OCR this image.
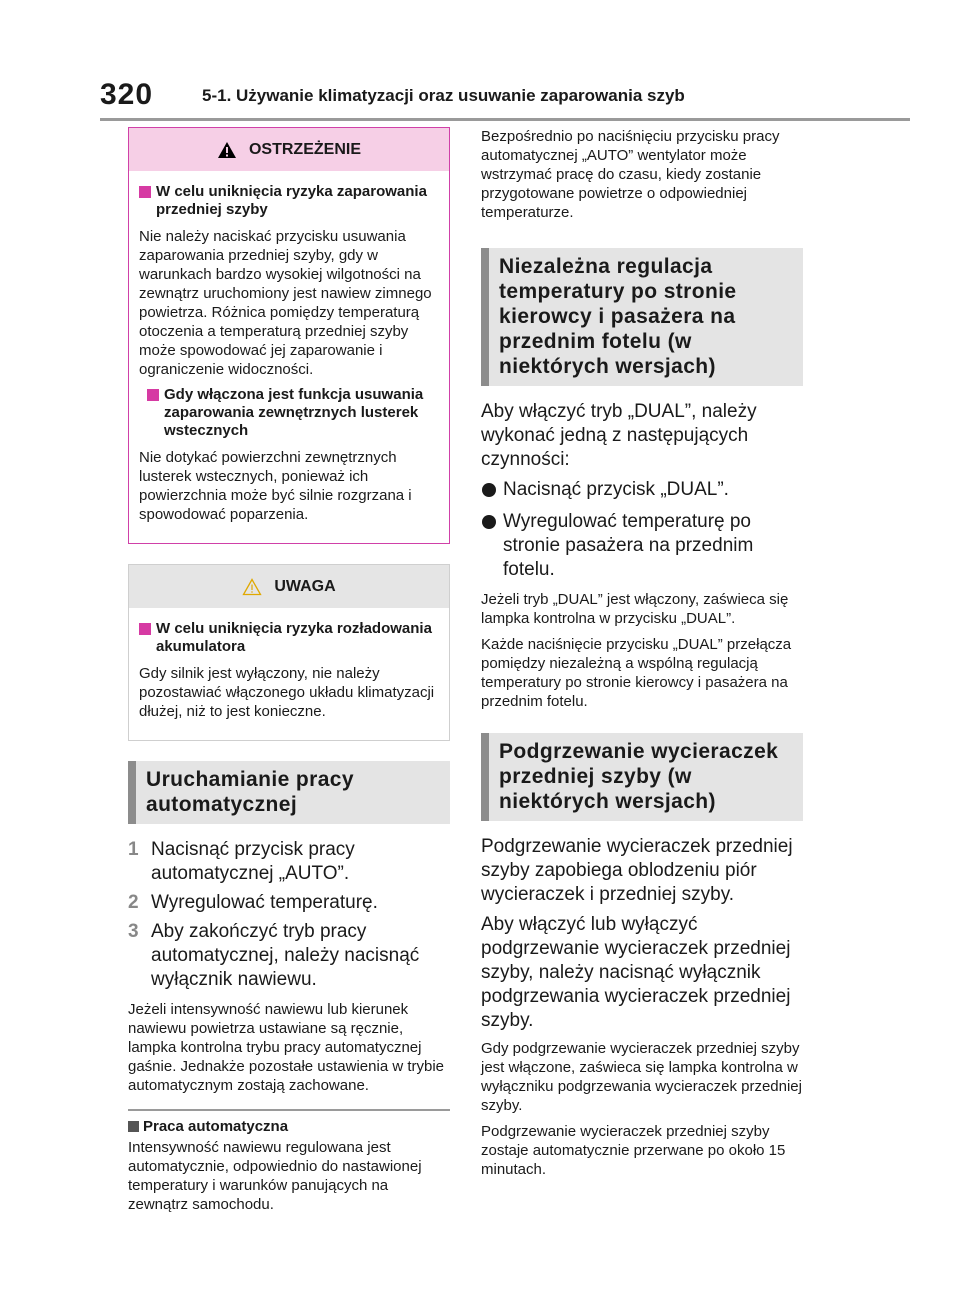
320	5-1. Używanie klimatyzacji oraz usuwanie zaparowania szyb
OSTRZEŻENIE
W celu uniknięcia ryzyka zaparowania przedniej szyby

Nie należy naciskać przycisku usuwania zaparowania przedniej szyby, gdy w warunkach bardzo wysokiej wilgotności na zewnątrz uruchomiony jest nawiew zimnego powietrza. Różnica pomiędzy temperaturą otoczenia a temperaturą przedniej szyby może spowodować jej zaparowanie i ograniczenie widoczności.

Gdy włączona jest funkcja usuwania zaparowania zewnętrznych lusterek wstecznych

Nie dotykać powierzchni zewnętrznych lusterek wstecznych, ponieważ ich powierzchnia może być silnie rozgrzana i spowodować poparzenia.

UWAGA
W celu uniknięcia ryzyka rozładowania akumulatora

Gdy silnik jest wyłączony, nie należy pozostawiać włączonego układu klimatyzacji dłużej, niż to jest konieczne.

Uruchamianie pracy automatycznej
1 Nacisnąć przycisk pracy automatycznej „AUTO”.
2 Wyregulować temperaturę.
3 Aby zakończyć tryb pracy automatycznej, należy nacisnąć wyłącznik nawiewu.

Jeżeli intensywność nawiewu lub kierunek nawiewu powietrza ustawiane są ręcznie, lampka kontrolna trybu pracy automatycznej gaśnie. Jednakże pozostałe ustawienia w trybie automatycznym zostają zachowane.

Praca automatyczna

Intensywność nawiewu regulowana jest automatycznie, odpowiednio do nastawionej temperatury i warunków panujących na zewnątrz samochodu.

Bezpośrednio po naciśnięciu przycisku pracy automatycznej „AUTO” wentylator może wstrzymać pracę do czasu, kiedy zostanie przygotowane powietrze o odpowiedniej temperaturze.

Niezależna regulacja temperatury po stronie kierowcy i pasażera na przednim fotelu (w niektórych wersjach)

Aby włączyć tryb „DUAL”, należy wykonać jedną z następujących czynności:

Nacisnąć przycisk „DUAL”.
Wyregulować temperaturę po stronie pasażera na przednim fotelu.

Jeżeli tryb „DUAL” jest włączony, zaświeca się lampka kontrolna w przycisku „DUAL”.

Każde naciśnięcie przycisku „DUAL” przełącza pomiędzy niezależną a wspólną regulacją temperatury po stronie kierowcy i pasażera na przednim fotelu.

Podgrzewanie wycieraczek przedniej szyby (w niektórych wersjach)

Podgrzewanie wycieraczek przedniej szyby zapobiega oblodzeniu piór wycieraczek i przedniej szyby.

Aby włączyć lub wyłączyć podgrzewanie wycieraczek przedniej szyby, należy nacisnąć wyłącznik podgrzewania wycieraczek przedniej szyby.

Gdy podgrzewanie wycieraczek przedniej szyby jest włączone, zaświeca się lampka kontrolna w wyłączniku podgrzewania wycieraczek przedniej szyby.

Podgrzewanie wycieraczek przedniej szyby zostaje automatycznie przerwane po około 15 minutach.
